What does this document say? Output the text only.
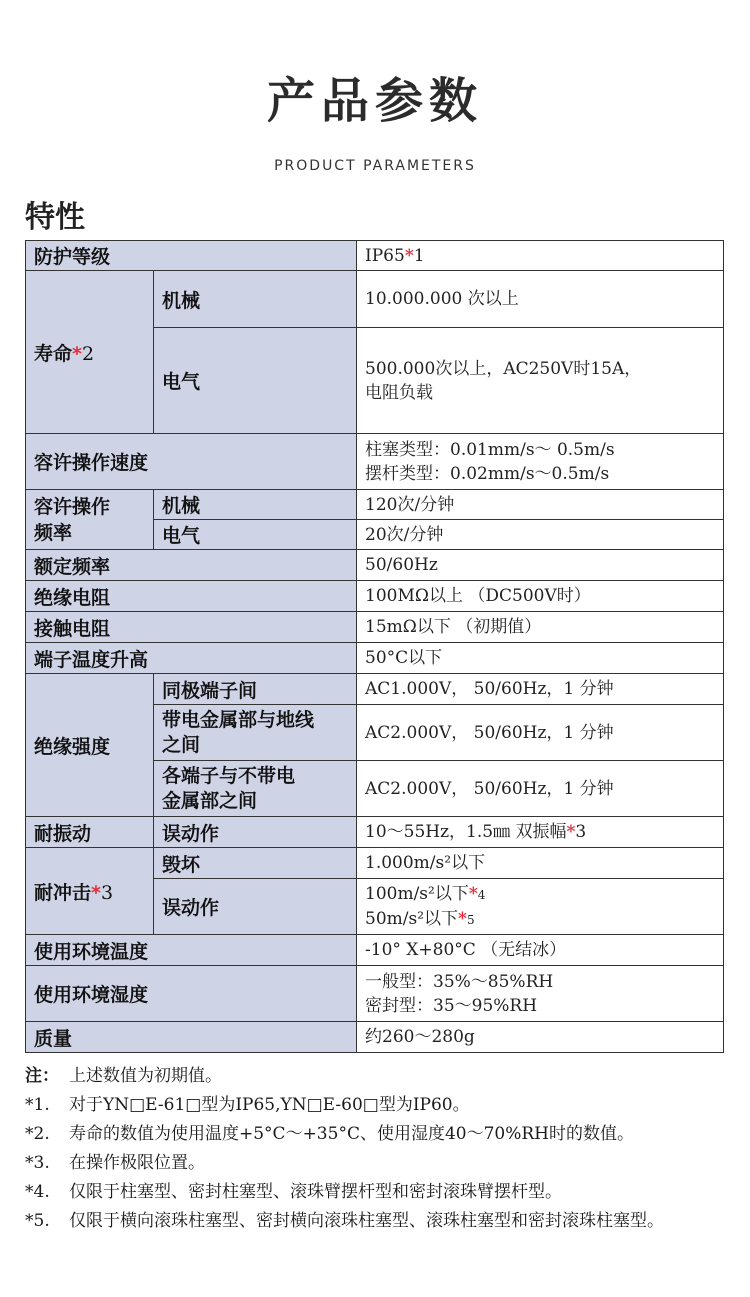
产品参数
PRODUCT PARAMETERS
特性
防护等级		IP65*1
寿命*2	机械	10.000.000 次以上
	电气	500.000次以上，AC250V时15A，
电阻负载

容许操作速度		柱塞类型：0.01mm/s～ 0.5m/s
摆杆类型：0.02mm/s～0.5m/s

容许操作
频率	机械	120次/分钟
	电气	20次/分钟
额定频率		50/60Hz
绝缘电阻		100MΩ以上 （DC500V时）
接触电阻		15mΩ以下 （初期值）
端子温度升高		50°C以下
绝缘强度	同极端子间	AC1.000V， 50/60Hz，1 分钟

	带电金属部与地线
之间	AC2.000V， 50/60Hz，1 分钟

	各端子与不带电
金属部之间	AC2.000V， 50/60Hz，1 分钟
耐振动	误动作	10～55Hz，1.5㎜ 双振幅*3
耐冲击*3	毁坏	1.000m/s²以下
	误动作	100m/s²以下*4
50m/s²以下*5

使用环境温度		-10° X+80°C （无结冰）
使用环境湿度		一般型：35%～85%RH
密封型：35～95%RH

质量		约260～280g
注： 上述数值为初期值。
*1.	对于YN□E-61□型为IP65,YN□E-60□型为IP60。
*2.	寿命的数值为使用温度+5°C～+35°C、使用湿度40～70%RH时的数值。
*3.	在操作极限位置。
*4.	仅限于柱塞型、密封柱塞型、滚珠臂摆杆型和密封滚珠臂摆杆型。
*5.	仅限于横向滚珠柱塞型、密封横向滚珠柱塞型、滚珠柱塞型和密封滚珠柱塞型。
